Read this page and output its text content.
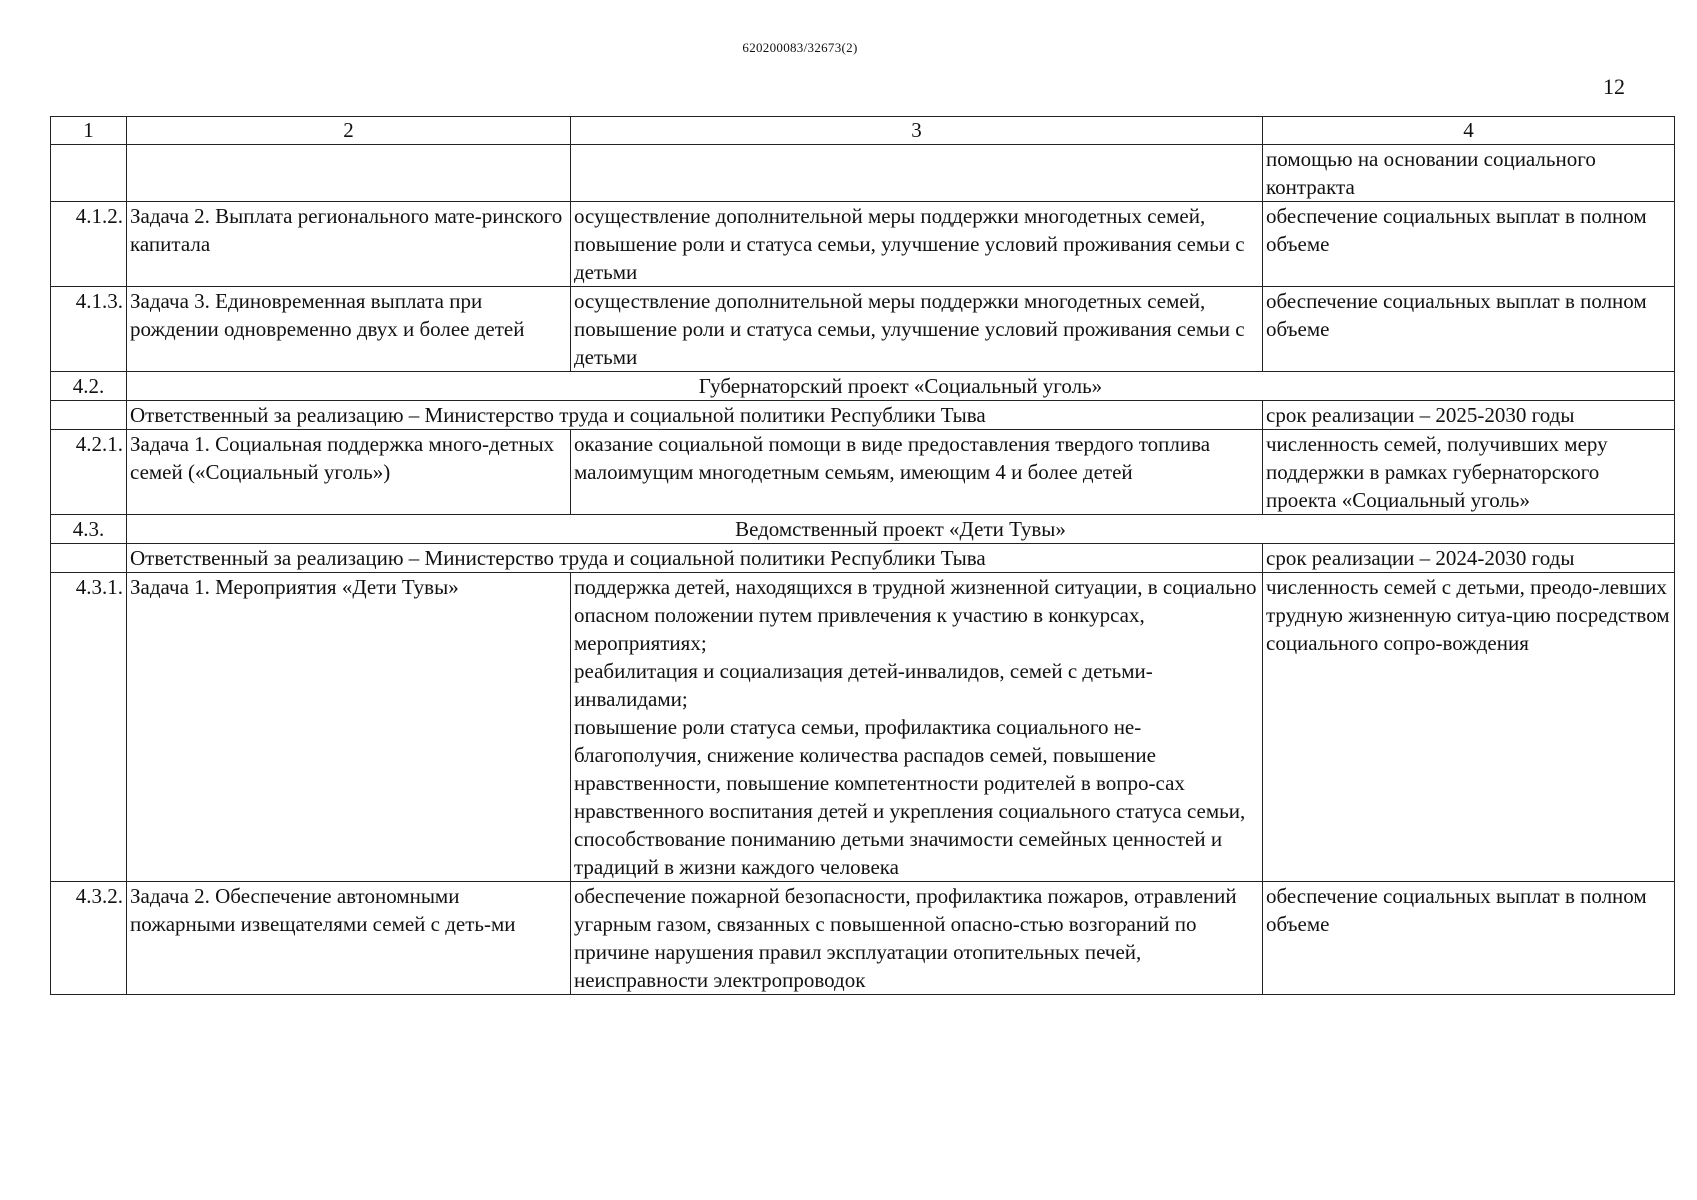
620200083/32673(2)
12
1	2	3	4
			помощью на основании социального контракта
4.1.2.	Задача 2. Выплата регионального мате-ринского капитала	осуществление дополнительной меры поддержки многодетных семей, повышение роли и статуса семьи, улучшение условий проживания семьи с детьми	обеспечение социальных выплат в полном объеме
4.1.3.	Задача 3. Единовременная выплата при рождении одновременно двух и более детей	осуществление дополнительной меры поддержки многодетных семей, повышение роли и статуса семьи, улучшение условий проживания семьи с детьми	обеспечение социальных выплат в полном объеме
4.2.	Губернаторский проект «Социальный уголь»		
	Ответственный за реализацию – Министерство труда и социальной политики Республики Тыва		срок реализации – 2025-2030 годы
4.2.1.	Задача 1. Социальная поддержка много-детных семей («Социальный уголь»)	оказание социальной помощи в виде предоставления твердого топлива малоимущим многодетным семьям, имеющим 4 и более детей	численность семей, получивших меру поддержки в рамках губернаторского проекта «Социальный уголь»
4.3.	Ведомственный проект «Дети Тувы»		
	Ответственный за реализацию – Министерство труда и социальной политики Республики Тыва		срок реализации – 2024-2030 годы
4.3.1.	Задача 1. Мероприятия «Дети Тувы»	поддержка детей, находящихся в трудной жизненной ситуации, в социально опасном положении путем привлечения к участию в конкурсах, мероприятиях;
реабилитация и социализация детей-инвалидов, семей с детьми-инвалидами;
повышение роли статуса семьи, профилактика социального не-благополучия, снижение количества распадов семей, повышение нравственности, повышение компетентности родителей в вопро-сах нравственного воспитания детей и укрепления социального статуса семьи, способствование пониманию детьми значимости семейных ценностей и традиций в жизни каждого человека	численность семей с детьми, преодо-левших трудную жизненную ситуа-цию посредством социального сопро-вождения
4.3.2.	Задача 2. Обеспечение автономными пожарными извещателями семей с деть-ми	обеспечение пожарной безопасности, профилактика пожаров, отравлений угарным газом, связанных с повышенной опасно-стью возгораний по причине нарушения правил эксплуатации отопительных печей, неисправности электропроводок	обеспечение социальных выплат в полном объеме
